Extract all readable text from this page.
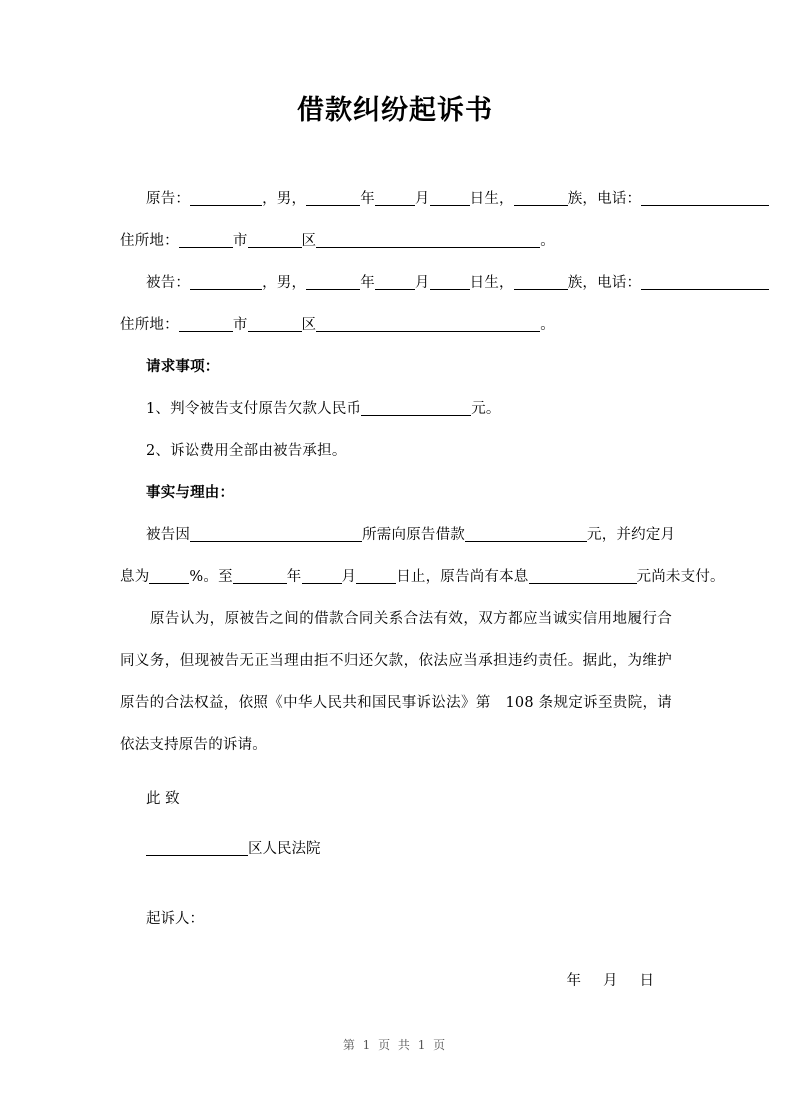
借款纠纷起诉书
原告：	，男，	年	月	日生，	族，电话：
住所地：	市	区	。
被告：	，男，	年	月	日生，	族，电话：
住所地：	市	区	。
请求事项：
1、判令被告支付原告欠款人民币	元。
2、诉讼费用全部由被告承担。
事实与理由：
被告因	所需向原告借款	元，并约定月
息为	%。至	年	月	日止，原告尚有本息	元尚未支付。
原告认为，原被告之间的借款合同关系合法有效，双方都应当诚实信用地履行合同义务，但现被告无正当理由拒不归还欠款，依法应当承担违约责任。据此，为维护原告的合法权益，依照《中华人民共和国民事诉讼法》第　108 条规定诉至贵院，请依法支持原告的诉请。
此 致
区人民法院
起诉人：
年 月 日
第 1 页 共 1 页
